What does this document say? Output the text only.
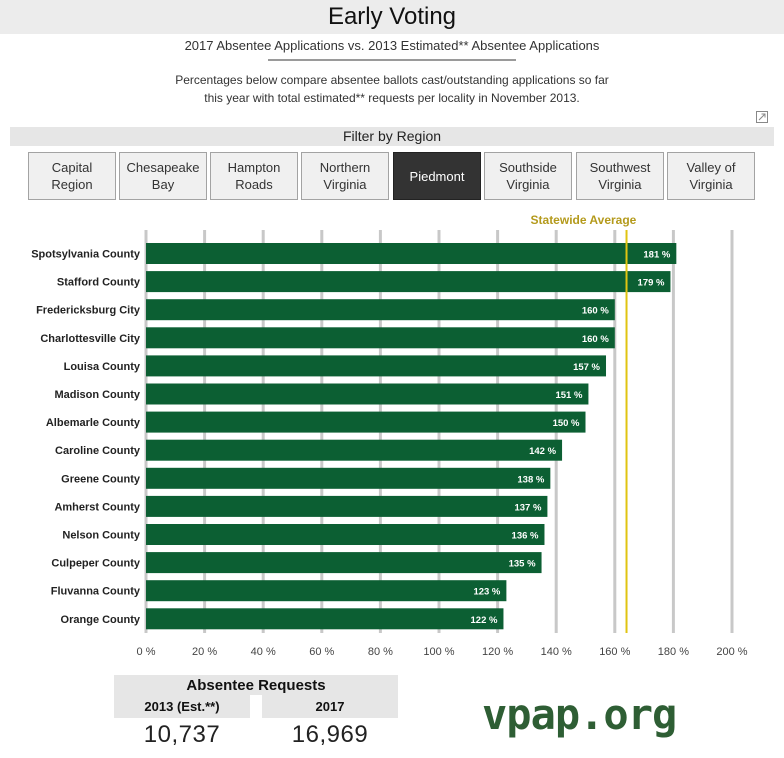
Early Voting
2017 Absentee Applications vs. 2013 Estimated** Absentee Applications
Percentages below compare absentee ballots cast/outstanding applications so far
this year with total estimated** requests per locality in November 2013.
Filter by Region
Capital
Region
Chesapeake
Bay
Hampton
Roads
Northern
Virginia
Piedmont
Southside
Virginia
Southwest
Virginia
Valley of
Virginia
Spotsylvania County	181 %
Stafford County	179 %
Fredericksburg City	160 %
Charlottesville City	160 %
Louisa County	157 %
Madison County	151 %
Albemarle County	150 %
Caroline County	142 %
Greene County	138 %
Amherst County	137 %
Nelson County	136 %
Culpeper County	135 %
Fluvanna County	123 %
Orange County	122 %
Statewide Average
0 %	20 %	40 %	60 %	80 %	100 % 120 % 140 % 160 % 180 % 200 %
Absentee Requests
2013 (Est.**)
10,737
2017
16,969	vpap.org
